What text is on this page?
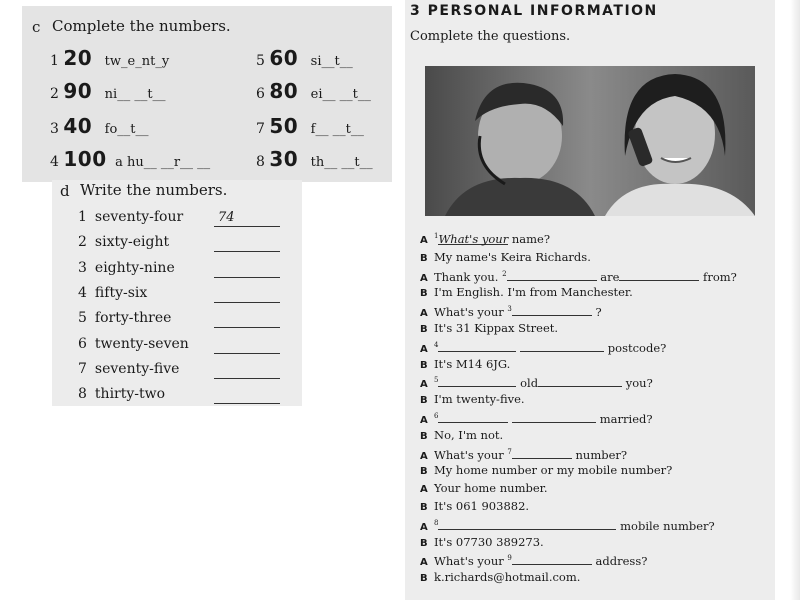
c Complete the numbers.
1 20 tw_e_nt_y
2 90 ni__ __t__
3 40 fo__t__
4 100 a hu__ __r__ __
5 60 si__t__
6 80 ei__ __t__
7 50 f__ __t__
8 30 th__ __t__
d Write the numbers.
1 seventy-four	74
2 sixty-eight
3 eighty-nine
4 fifty-six
5 forty-three
6 twenty-seven
7 seventy-five
8 thirty-two
3 PERSONAL INFORMATION
Complete the questions.
A $^1$What's your name?
B My name's Keira Richards.
A Thank you. $^2$	are	from?
B I'm English. I'm from Manchester.
A What's your $^3$	?
B It's 31 Kippax Street.
A $^4$	postcode?
B It's M14 6JG.
A $^5$	old	you?
B I'm twenty-five.
A $^6$	married?
B No, I'm not.
A What's your $^7$	number?
B My home number or my mobile number?
A Your home number.
B It's 061 903882.
A $^8$	mobile number?
B It's 07730 389273.
A What's your $^9$	address?
B k.richards@hotmail.com.
